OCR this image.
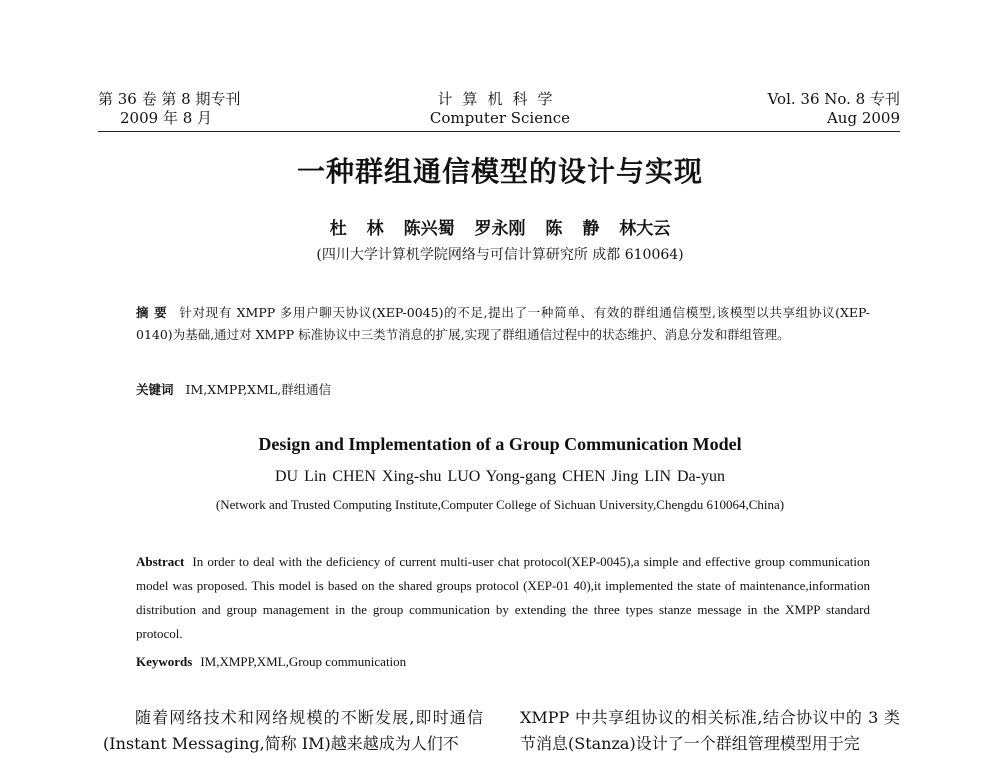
第 36 卷 第 8 期专刊
2009 年 8 月
计算机科学
Computer Science
Vol. 36 No. 8 专刊
Aug 2009
一种群组通信模型的设计与实现
杜 林 陈兴蜀 罗永刚 陈 静 林大云
(四川大学计算机学院网络与可信计算研究所 成都 610064)
摘 要 针对现有 XMPP 多用户聊天协议(XEP-0045)的不足,提出了一种简单、有效的群组通信模型,该模型以共享组协议(XEP-0140)为基础,通过对 XMPP 标准协议中三类节消息的扩展,实现了群组通信过程中的状态维护、消息分发和群组管理。
关键词 IM,XMPP,XML,群组通信
Design and Implementation of a Group Communication Model
DU Lin CHEN Xing-shu LUO Yong-gang CHEN Jing LIN Da-yun
(Network and Trusted Computing Institute,Computer College of Sichuan University,Chengdu 610064,China)
Abstract In order to deal with the deficiency of current multi-user chat protocol(XEP-0045),a simple and effective group communication model was proposed. This model is based on the shared groups protocol (XEP-01 40),it implemented the state of maintenance,information distribution and group management in the group communication by extending the three types stanze message in the XMPP standard protocol.
Keywords IM,XMPP,XML,Group communication
随着网络技术和网络规模的不断发展,即时通信(Instant Messaging,简称 IM)越来越成为人们不
XMPP 中共享组协议的相关标准,结合协议中的 3 类节消息(Stanza)设计了一个群组管理模型用于完
